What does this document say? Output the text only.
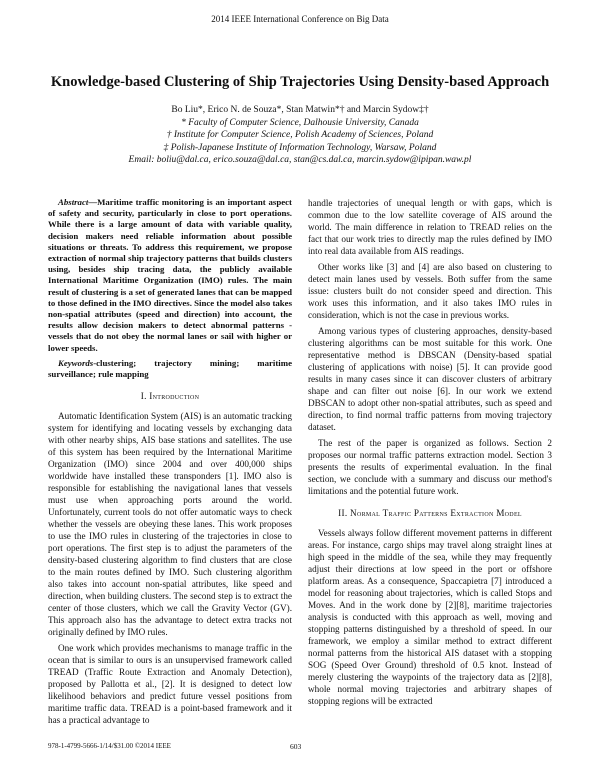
2014 IEEE International Conference on Big Data
Knowledge-based Clustering of Ship Trajectories Using Density-based Approach
Bo Liu*, Erico N. de Souza*, Stan Matwin*† and Marcin Sydow‡†
* Faculty of Computer Science, Dalhousie University, Canada
† Institute for Computer Science, Polish Academy of Sciences, Poland
‡ Polish-Japanese Institute of Information Technology, Warsaw, Poland
Email: boliu@dal.ca, erico.souza@dal.ca, stan@cs.dal.ca, marcin.sydow@ipipan.waw.pl

Abstract—Maritime traffic monitoring is an important aspect of safety and security, particularly in close to port operations. While there is a large amount of data with variable quality, decision makers need reliable information about possible situations or threats. To address this requirement, we propose extraction of normal ship trajectory patterns that builds clusters using, besides ship tracing data, the publicly available International Maritime Organization (IMO) rules. The main result of clustering is a set of generated lanes that can be mapped to those defined in the IMO directives. Since the model also takes non-spatial attributes (speed and direction) into account, the results allow decision makers to detect abnormal patterns - vessels that do not obey the normal lanes or sail with higher or lower speeds.

Keywords-clustering; trajectory mining; maritime surveillance; rule mapping

I. Introduction

Automatic Identification System (AIS) is an automatic tracking system for identifying and locating vessels by exchanging data with other nearby ships, AIS base stations and satellites. The use of this system has been required by the International Maritime Organization (IMO) since 2004 and over 400,000 ships worldwide have installed these transponders [1]. IMO also is responsible for establishing the navigational lanes that vessels must use when approaching ports around the world. Unfortunately, current tools do not offer automatic ways to check whether the vessels are obeying these lanes. This work proposes to use the IMO rules in clustering of the trajectories in close to port operations. The first step is to adjust the parameters of the density-based clustering algorithm to find clusters that are close to the main routes defined by IMO. Such clustering algorithm also takes into account non-spatial attributes, like speed and direction, when building clusters. The second step is to extract the center of those clusters, which we call the Gravity Vector (GV). This approach also has the advantage to detect extra tracks not originally defined by IMO rules.

One work which provides mechanisms to manage traffic in the ocean that is similar to ours is an unsupervised framework called TREAD (Traffic Route Extraction and Anomaly Detection), proposed by Pallotta et al., [2]. It is designed to detect low likelihood behaviors and predict future vessel positions from maritime traffic data. TREAD is a point-based framework and it has a practical advantage to

handle trajectories of unequal length or with gaps, which is common due to the low satellite coverage of AIS around the world. The main difference in relation to TREAD relies on the fact that our work tries to directly map the rules defined by IMO into real data available from AIS readings.

Other works like [3] and [4] are also based on clustering to detect main lanes used by vessels. Both suffer from the same issue: clusters built do not consider speed and direction. This work uses this information, and it also takes IMO rules in consideration, which is not the case in previous works.

Among various types of clustering approaches, density-based clustering algorithms can be most suitable for this work. One representative method is DBSCAN (Density-based spatial clustering of applications with noise) [5]. It can provide good results in many cases since it can discover clusters of arbitrary shape and can filter out noise [6]. In our work we extend DBSCAN to adopt other non-spatial attributes, such as speed and direction, to find normal traffic patterns from moving trajectory dataset.

The rest of the paper is organized as follows. Section 2 proposes our normal traffic patterns extraction model. Section 3 presents the results of experimental evaluation. In the final section, we conclude with a summary and discuss our method's limitations and the potential future work.

II. Normal Traffic Patterns Extraction Model

Vessels always follow different movement patterns in different areas. For instance, cargo ships may travel along straight lines at high speed in the middle of the sea, while they may frequently adjust their directions at low speed in the port or offshore platform areas. As a consequence, Spaccapietra [7] introduced a model for reasoning about trajectories, which is called Stops and Moves. And in the work done by [2][8], maritime trajectories analysis is conducted with this approach as well, moving and stopping patterns distinguished by a threshold of speed. In our framework, we employ a similar method to extract different normal patterns from the historical AIS dataset with a stopping SOG (Speed Over Ground) threshold of 0.5 knot. Instead of merely clustering the waypoints of the trajectory data as [2][8], whole normal moving trajectories and arbitrary shapes of stopping regions will be extracted

978-1-4799-5666-1/14/$31.00 ©2014 IEEE	603
